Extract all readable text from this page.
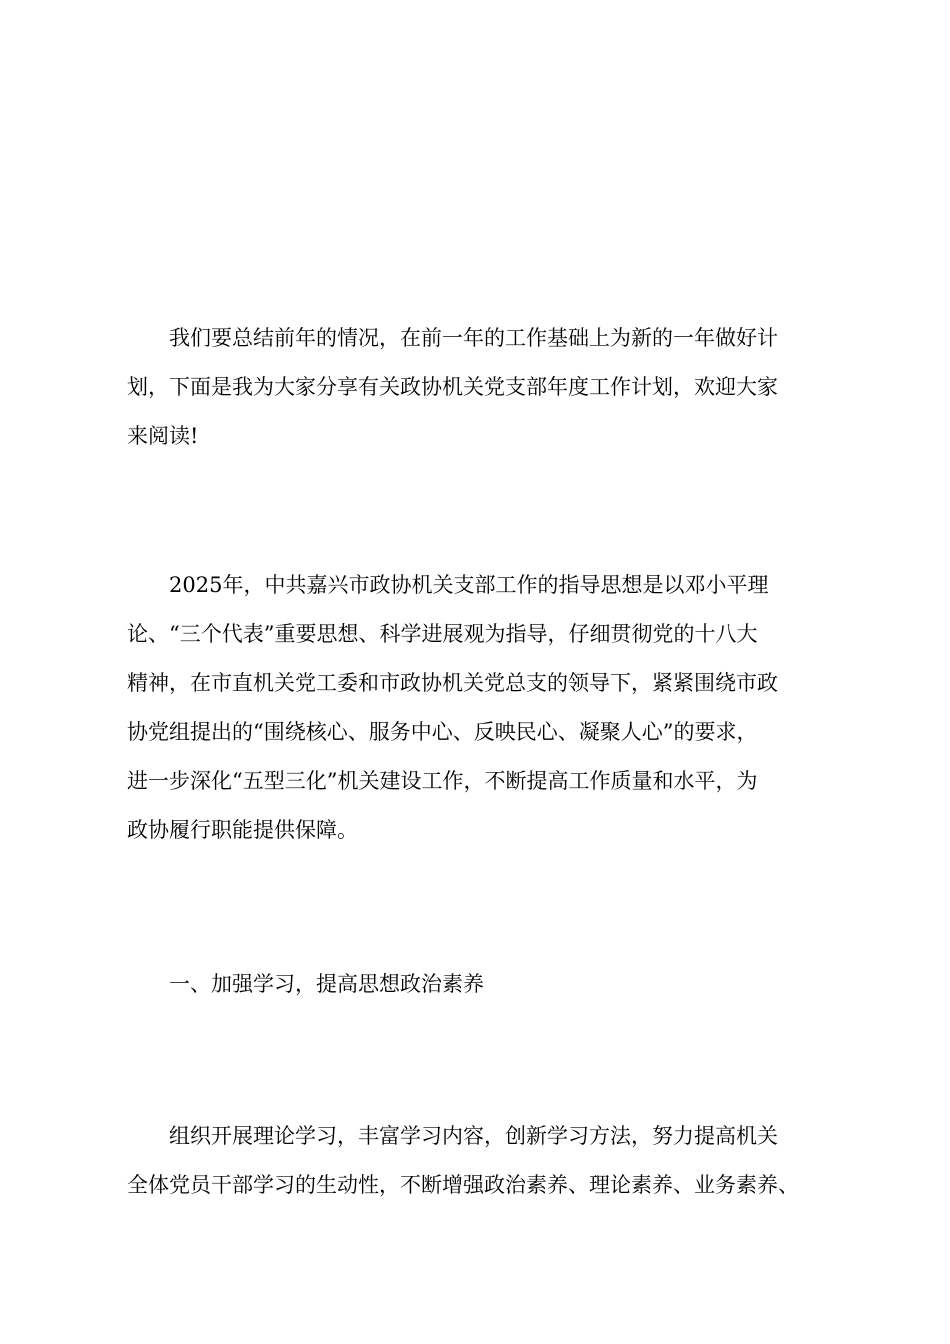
　　我们要总结前年的情况，在前一年的工作基础上为新的一年做好计
划，下面是我为大家分享有关政协机关党支部年度工作计划，欢迎大家
来阅读!

　　2025年，中共嘉兴市政协机关支部工作的指导思想是以邓小平理
论、“三个代表”重要思想、科学进展观为指导，仔细贯彻党的十八大
精神，在市直机关党工委和市政协机关党总支的领导下，紧紧围绕市政
协党组提出的“围绕核心、服务中心、反映民心、凝聚人心”的要求，
进一步深化“五型三化”机关建设工作，不断提高工作质量和水平，为
政协履行职能提供保障。

　　一、加强学习，提高思想政治素养

　　组织开展理论学习，丰富学习内容，创新学习方法，努力提高机关
全体党员干部学习的生动性，不断增强政治素养、理论素养、业务素养、
